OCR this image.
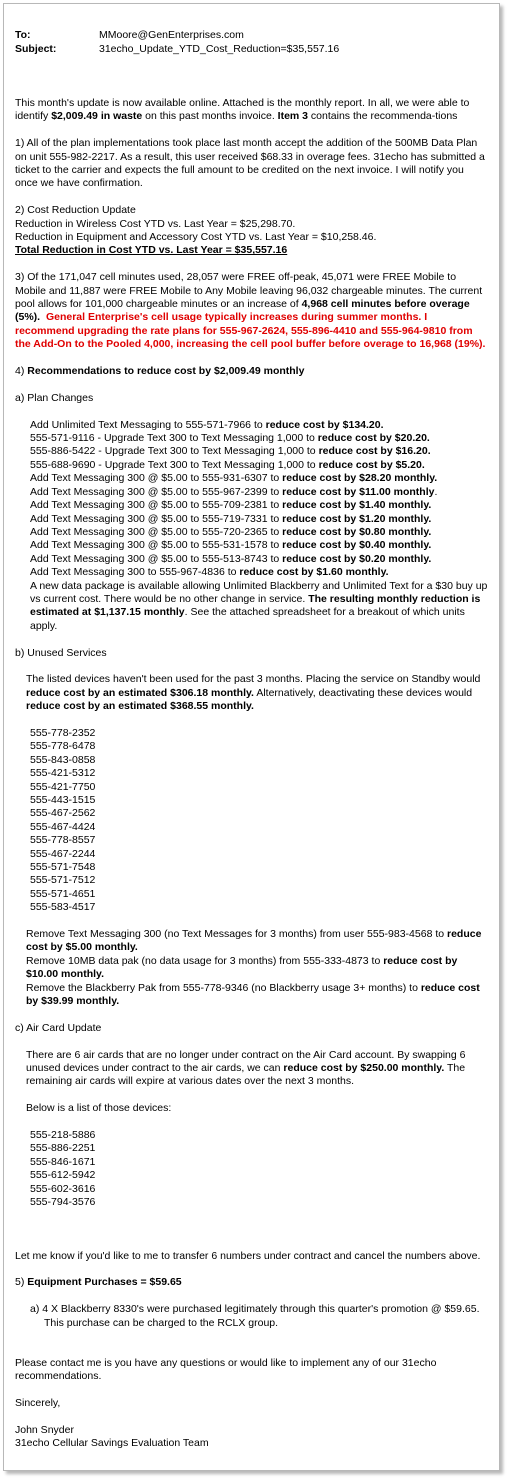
To:	MMoore@GenEnterprises.com
Subject:	31echo_Update_YTD_Cost_Reduction=$35,557.16

This month's update is now available online. Attached is the monthly report. In all, we were able to identify $2,009.49 in waste on this past months invoice. Item 3 contains the recommenda-tions

1) All of the plan implementations took place last month accept the addition of the 500MB Data Plan on unit 555-982-2217. As a result, this user received $68.33 in overage fees. 31echo has submitted a ticket to the carrier and expects the full amount to be credited on the next invoice. I will notify you once we have confirmation.

2) Cost Reduction Update

Reduction in Wireless Cost YTD vs. Last Year = $25,298.70.

Reduction in Equipment and Accessory Cost YTD vs. Last Year = $10,258.46.

Total Reduction in Cost YTD vs. Last Year = $35,557.16

3) Of the 171,047 cell minutes used, 28,057 were FREE off-peak, 45,071 were FREE Mobile to Mobile and 11,887 were FREE Mobile to Any Mobile leaving 96,032 chargeable minutes. The current pool allows for 101,000 chargeable minutes or an increase of 4,968 cell minutes before overage (5%). General Enterprise's cell usage typically increases during summer months. I recommend upgrading the rate plans for 555-967-2624, 555-896-4410 and 555-964-9810 from the Add-On to the Pooled 4,000, increasing the cell pool buffer before overage to 16,968 (19%).

4) Recommendations to reduce cost by $2,009.49 monthly

a) Plan Changes

Add Unlimited Text Messaging to 555-571-7966 to reduce cost by $134.20.

555-571-9116 - Upgrade Text 300 to Text Messaging 1,000 to reduce cost by $20.20.

555-886-5422 - Upgrade Text 300 to Text Messaging 1,000 to reduce cost by $16.20.

555-688-9690 - Upgrade Text 300 to Text Messaging 1,000 to reduce cost by $5.20.

Add Text Messaging 300 @ $5.00 to 555-931-6307 to reduce cost by $28.20 monthly.

Add Text Messaging 300 @ $5.00 to 555-967-2399 to reduce cost by $11.00 monthly.

Add Text Messaging 300 @ $5.00 to 555-709-2381 to reduce cost by $1.40 monthly.

Add Text Messaging 300 @ $5.00 to 555-719-7331 to reduce cost by $1.20 monthly.

Add Text Messaging 300 @ $5.00 to 555-720-2365 to reduce cost by $0.80 monthly.

Add Text Messaging 300 @ $5.00 to 555-531-1578 to reduce cost by $0.40 monthly.

Add Text Messaging 300 @ $5.00 to 555-513-8743 to reduce cost by $0.20 monthly.

Add Text Messaging 300 to 555-967-4836 to reduce cost by $1.60 monthly.

A new data package is available allowing Unlimited Blackberry and Unlimited Text for a $30 buy up vs current cost. There would be no other change in service. The resulting monthly reduction is estimated at $1,137.15 monthly. See the attached spreadsheet for a breakout of which units apply.

b) Unused Services

The listed devices haven't been used for the past 3 months. Placing the service on Standby would reduce cost by an estimated $306.18 monthly. Alternatively, deactivating these devices would reduce cost by an estimated $368.55 monthly.

555-778-2352
555-778-6478
555-843-0858
555-421-5312
555-421-7750
555-443-1515
555-467-2562
555-467-4424
555-778-8557
555-467-2244
555-571-7548
555-571-7512
555-571-4651
555-583-4517

Remove Text Messaging 300 (no Text Messages for 3 months) from user 555-983-4568 to reduce cost by $5.00 monthly.

Remove 10MB data pak (no data usage for 3 months) from 555-333-4873 to reduce cost by $10.00 monthly.

Remove the Blackberry Pak from 555-778-9346 (no Blackberry usage 3+ months) to reduce cost by $39.99 monthly.

c) Air Card Update

There are 6 air cards that are no longer under contract on the Air Card account. By swapping 6 unused devices under contract to the air cards, we can reduce cost by $250.00 monthly. The remaining air cards will expire at various dates over the next 3 months.

Below is a list of those devices:

555-218-5886
555-886-2251
555-846-1671
555-612-5942
555-602-3616
555-794-3576

Let me know if you'd like to me to transfer 6 numbers under contract and cancel the numbers above.

5) Equipment Purchases = $59.65

a) 4 X Blackberry 8330's were purchased legitimately through this quarter's promotion @ $59.65. This purchase can be charged to the RCLX group.

Please contact me is you have any questions or would like to implement any of our 31echo recommendations.

Sincerely,

John Snyder

31echo Cellular Savings Evaluation Team
